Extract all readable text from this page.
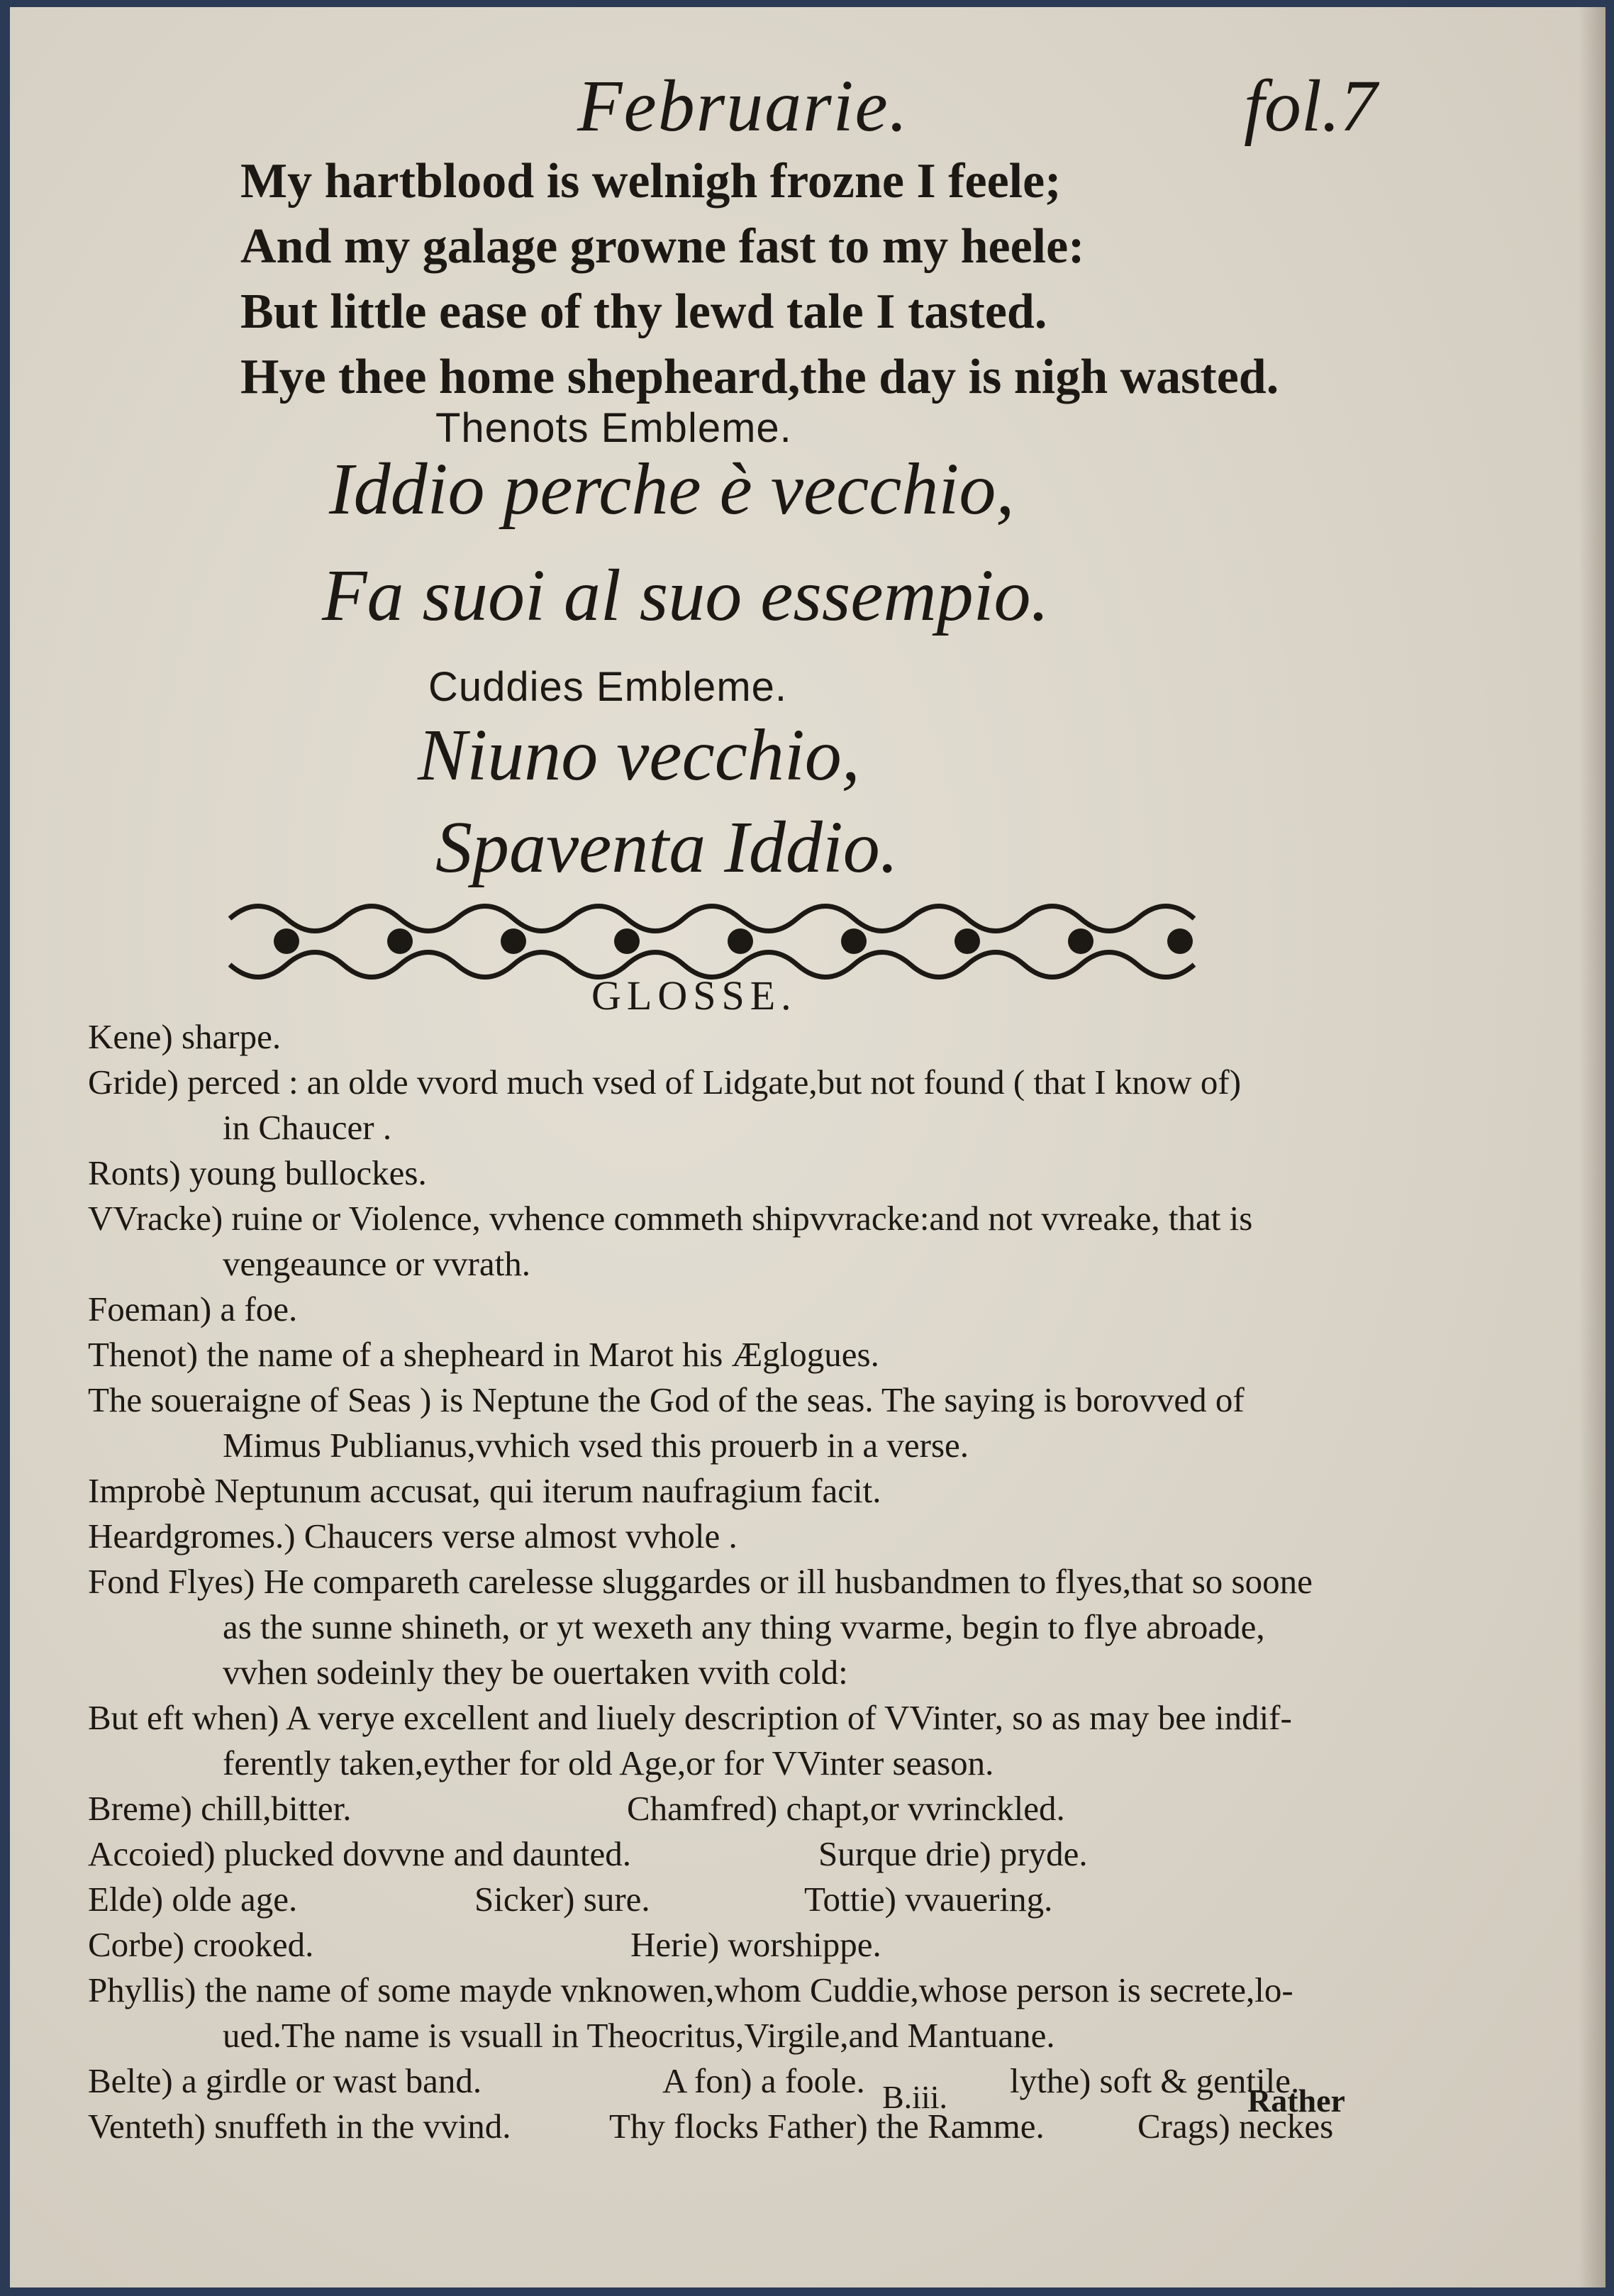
Februarie.	fol.7
My hartblood is welnigh frozne I feele;
And my galage growne fast to my heele:
But little ease of thy lewd tale I tasted.
Hye thee home shepheard,the day is nigh wasted.
Thenots Embleme.
Iddio perche è vecchio,
Fa suoi al suo essempio.
Cuddies Embleme.
Niuno vecchio,
Spaventa Iddio.
GLOSSE.
Kene) sharpe.
Gride) perced : an olde vvord much vsed of Lidgate,but not found ( that I know of)
in Chaucer .
Ronts) young bullockes.
VVracke) ruine or Violence, vvhence commeth shipvvracke:and not vvreake, that is
vengeaunce or vvrath.
Foeman) a foe.
Thenot) the name of a shepheard in Marot his Æglogues.
The soueraigne of Seas ) is Neptune the God of the seas. The saying is borovved of
Mimus Publianus,vvhich vsed this prouerb in a verse.
Improbè Neptunum accusat, qui iterum naufragium facit.
Heardgromes.) Chaucers verse almost vvhole .
Fond Flyes) He compareth carelesse sluggardes or ill husbandmen to flyes,that so soone
as the sunne shineth, or yt wexeth any thing vvarme, begin to flye abroade,
vvhen sodeinly they be ouertaken vvith cold:
But eft when) A verye excellent and liuely description of VVinter, so as may bee indif-
ferently taken,eyther for old Age,or for VVinter season.
Breme) chill,bitter.	Chamfred) chapt,or vvrinckled.
Accoied) plucked dovvne and daunted.	Surque drie) pryde.
Elde) olde age.	Sicker) sure.	Tottie) vvauering.
Corbe) crooked.	Herie) worshippe.
Phyllis) the name of some mayde vnknowen,whom Cuddie,whose person is secrete,lo-
ued.The name is vsuall in Theocritus,Virgile,and Mantuane.
Belte) a girdle or wast band.	A fon) a foole.	lythe) soft & gentile.
Venteth) snuffeth in the vvind.	Thy flocks Father) the Ramme.	Crags) neckes
B.iii.	Rather
